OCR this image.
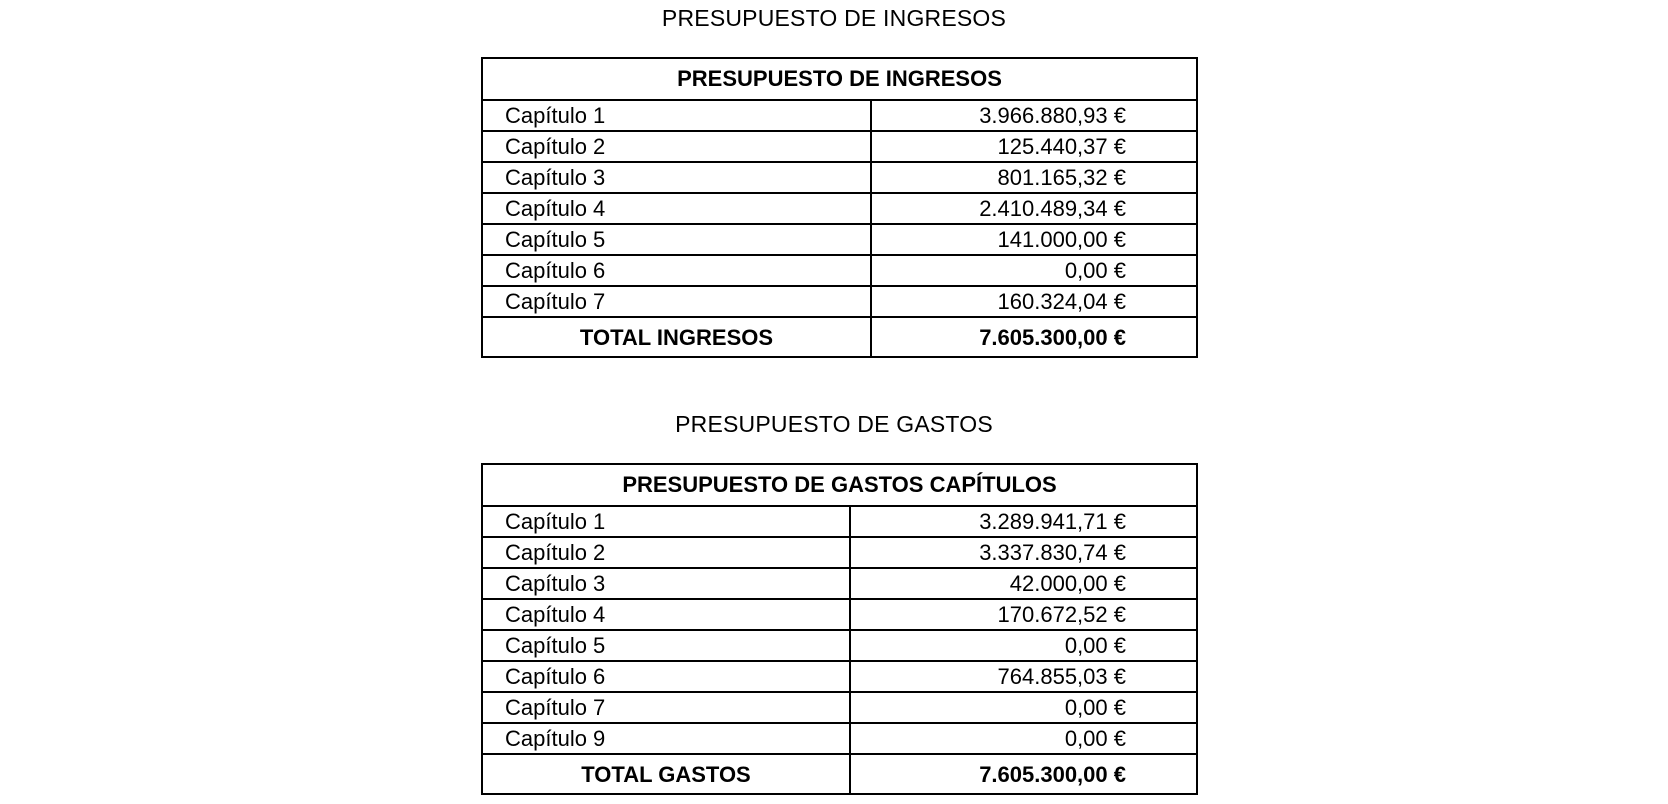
PRESUPUESTO DE INGRESOS
PRESUPUESTO DE INGRESOS	
Capítulo 1	3.966.880,93 €
Capítulo 2	125.440,37 €
Capítulo 3	801.165,32 €
Capítulo 4	2.410.489,34 €
Capítulo 5	141.000,00 €
Capítulo 6	0,00 €
Capítulo 7	160.324,04 €
TOTAL INGRESOS	7.605.300,00 €
PRESUPUESTO DE GASTOS
PRESUPUESTO DE GASTOS CAPÍTULOS	
Capítulo 1	3.289.941,71 €
Capítulo 2	3.337.830,74 €
Capítulo 3	42.000,00 €
Capítulo 4	170.672,52 €
Capítulo 5	0,00 €
Capítulo 6	764.855,03 €
Capítulo 7	0,00 €
Capítulo 9	0,00 €
TOTAL GASTOS	7.605.300,00 €
